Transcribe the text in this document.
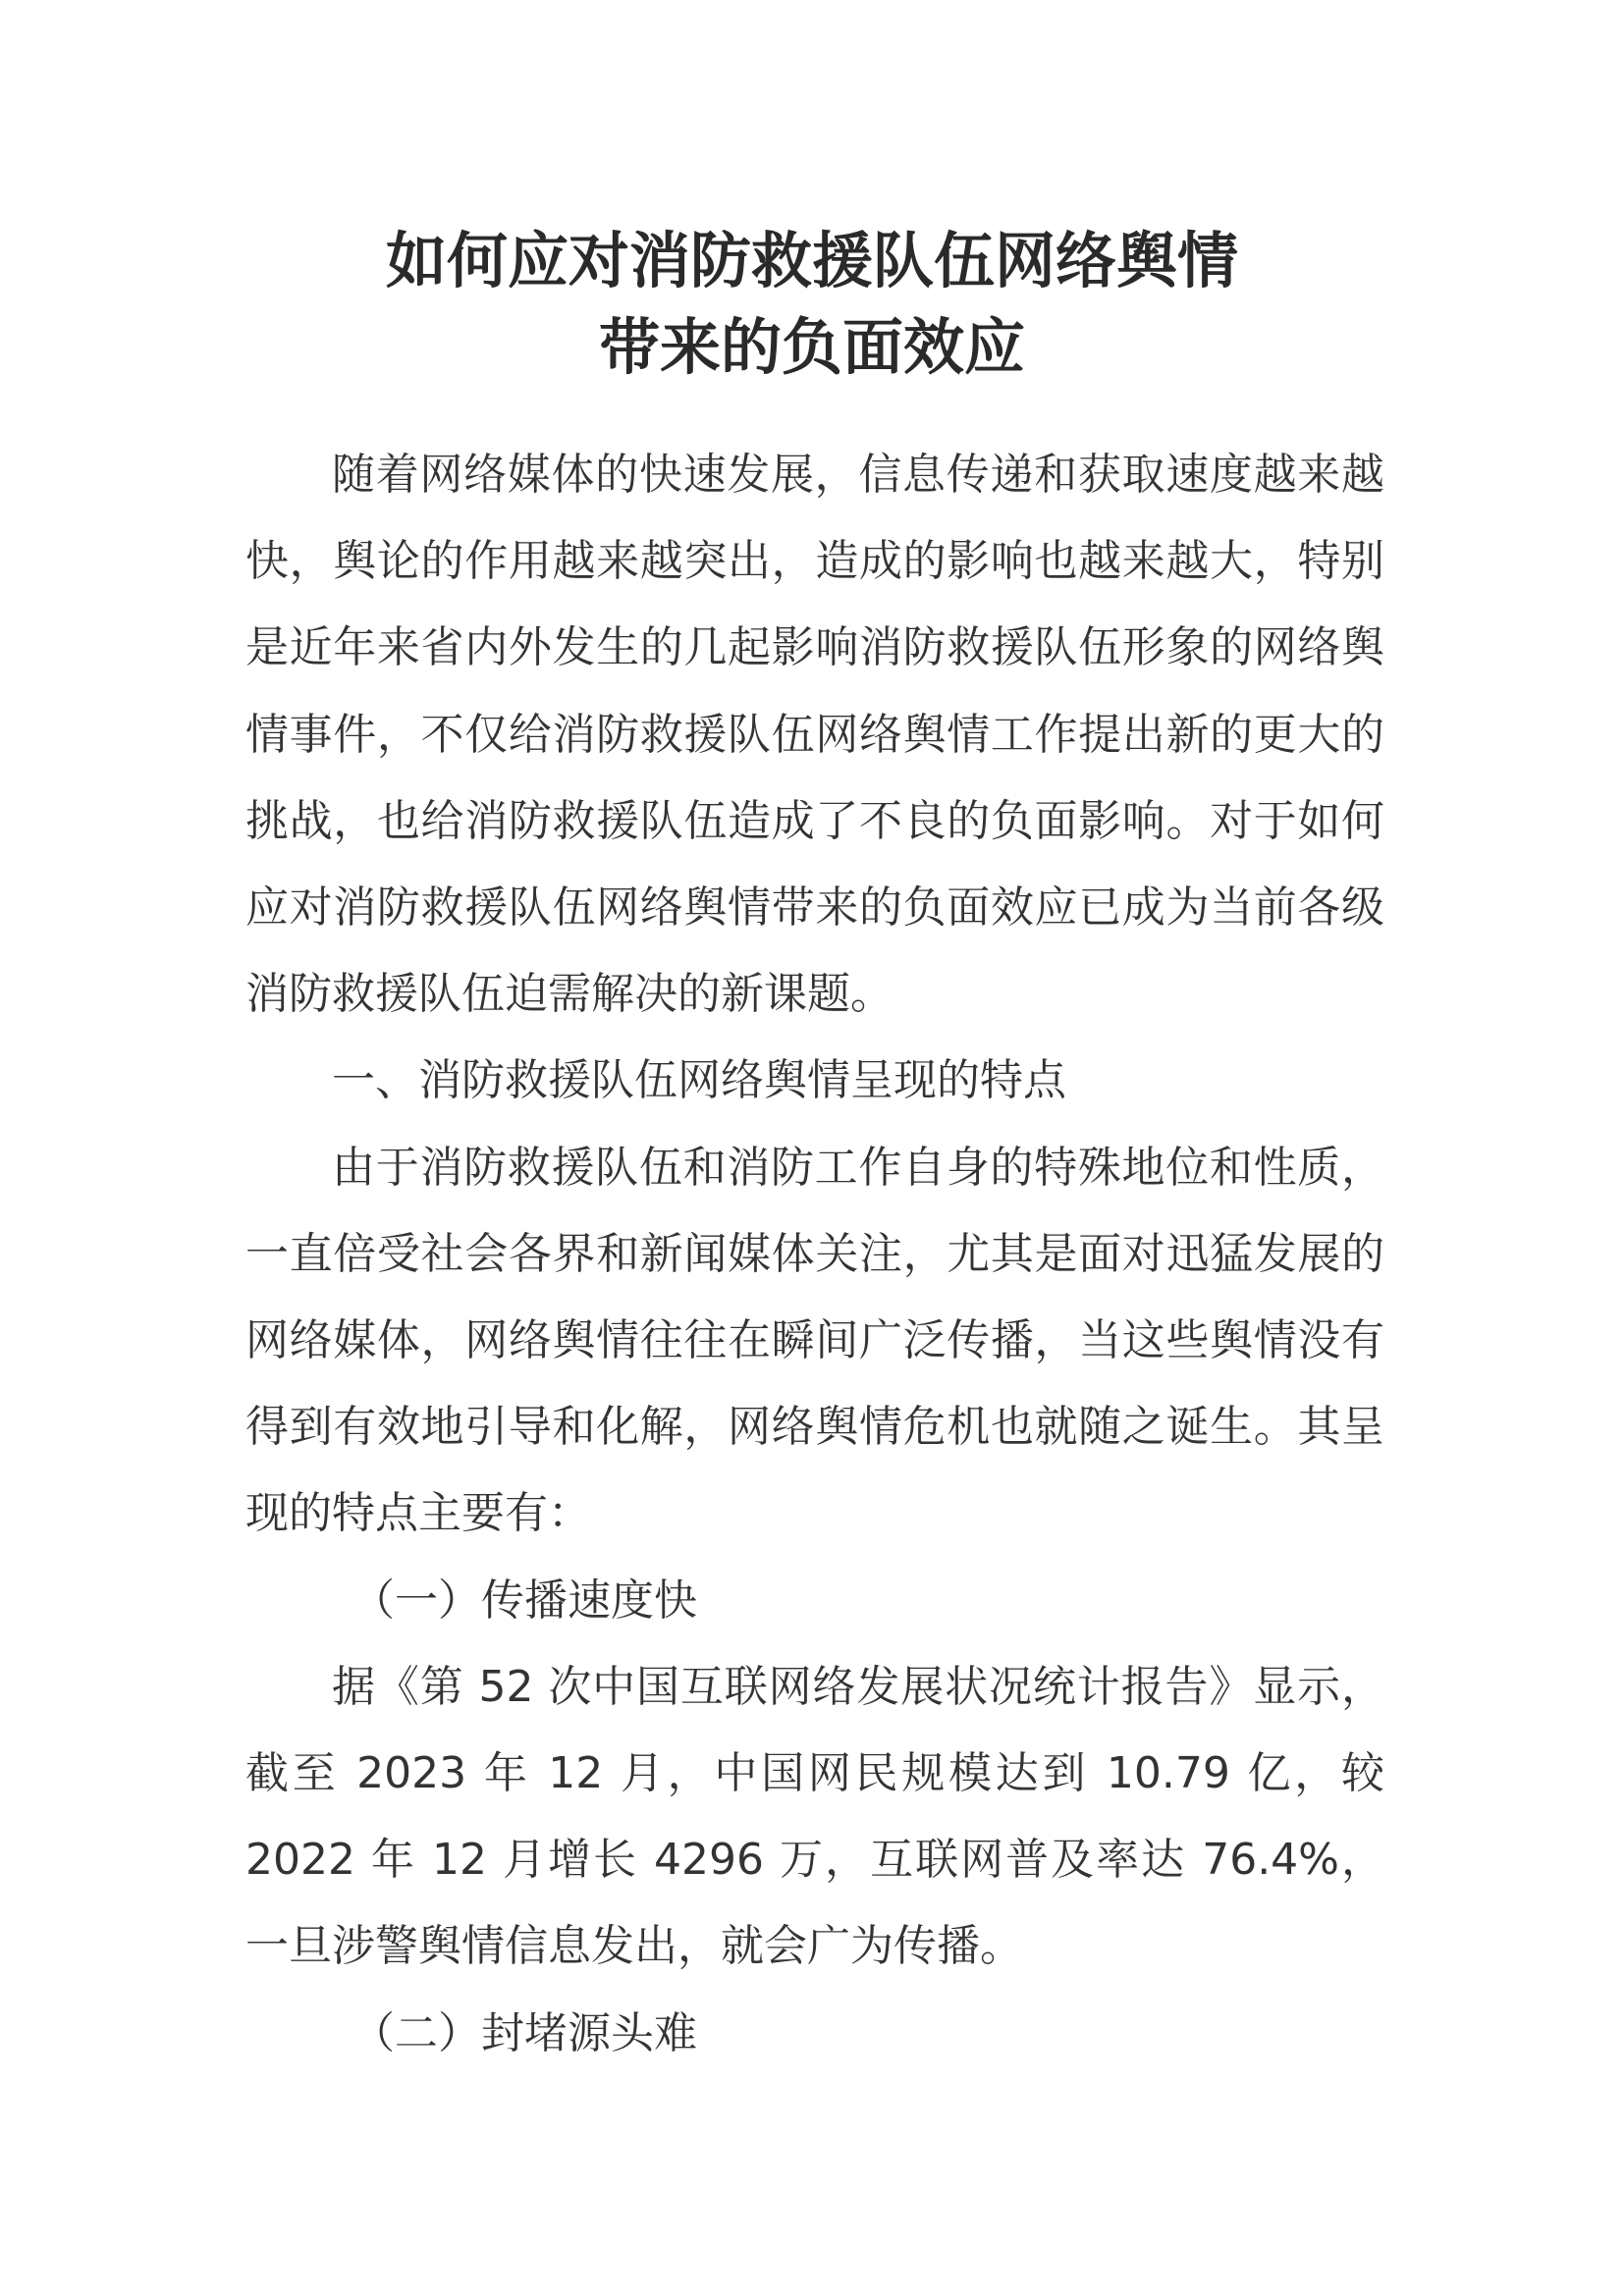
如何应对消防救援队伍网络舆情
带来的负面效应

随着网络媒体的快速发展，信息传递和获取速度越来越快，舆论的作用越来越突出，造成的影响也越来越大，特别是近年来省内外发生的几起影响消防救援队伍形象的网络舆情事件，不仅给消防救援队伍网络舆情工作提出新的更大的挑战，也给消防救援队伍造成了不良的负面影响。对于如何应对消防救援队伍网络舆情带来的负面效应已成为当前各级消防救援队伍迫需解决的新课题。

一、消防救援队伍网络舆情呈现的特点

由于消防救援队伍和消防工作自身的特殊地位和性质，一直倍受社会各界和新闻媒体关注，尤其是面对迅猛发展的网络媒体，网络舆情往往在瞬间广泛传播，当这些舆情没有得到有效地引导和化解，网络舆情危机也就随之诞生。其呈现的特点主要有：

（一）传播速度快

据《第 52 次中国互联网络发展状况统计报告》显示，截至 2023 年 12 月，中国网民规模达到 10.79 亿，较 2022 年 12 月增长 4296 万，互联网普及率达 76.4%，一旦涉警舆情信息发出，就会广为传播。

（二）封堵源头难
